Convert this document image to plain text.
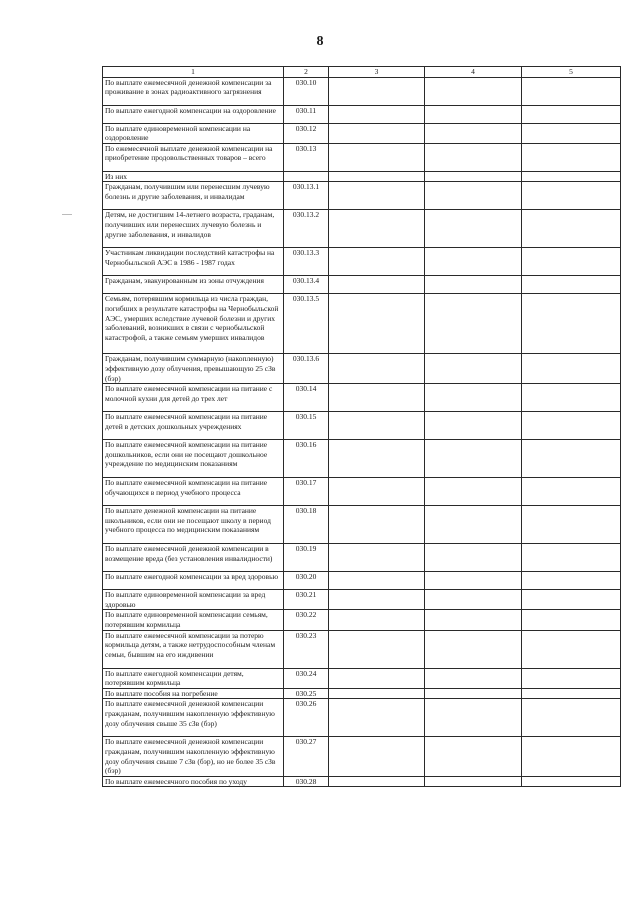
8
1	2	3	4	5
По выплате ежемесячной денежной компенсации за проживание в зонах радиоактивного загрязнения	030.10			
По выплате ежегодной компенсации на оздоровление	030.11			
По выплате единовременной компенсации на оздоровление	030.12			
По ежемесячной выплате денежной компенсации на приобретение продовольственных товаров – всего	030.13			
Из них				
Гражданам, получившим или перенесшим лучевую болезнь и другие заболевания, и инвалидам	030.13.1			
Детям, не достигшим 14-летнего возраста, граданам, получивших или перенесших лучевую болезнь и другие заболевания, и инвалидов	030.13.2			
Участникам ликвидации последствий катастрофы на Чернобыльской АЭС в 1986 - 1987 годах	030.13.3			
Гражданам, эвакуированным из зоны отчуждения	030.13.4			
Семьям, потерявшим кормильца из числа граждан, погибших в результате катастрофы на Чернобыльской АЭС, умерших вследствие лучевой болезни и других заболеваний, возникших в связи с чернобыльской катастрофой, а также семьям умерших инвалидов	030.13.5			
Гражданам, получившим суммарную (накопленную) эффективную дозу облучения, превышающую 25 сЗв (бэр)	030.13.6			
По выплате ежемесячной компенсации на питание с молочной кухни для детей до трех лет	030.14			
По выплате ежемесячной компенсации на питание детей в детских дошкольных учреждениях	030.15			
По выплате ежемесячной компенсации на питание дошкольников, если они не посещают дошкольное учреждение по медицинским показаниям	030.16			
По выплате ежемесячной компенсации на питание обучающихся в период учебного процесса	030.17			
По выплате денежной компенсации на питание школьников, если они не посещают школу в период учебного процесса по медицинским показаниям	030.18			
По выплате ежемесячной денежной компенсации в возмещение вреда (без установления инвалидности)	030.19			
По выплате ежегодной компенсации за вред здоровью	030.20			
По выплате единовременной компенсации за вред здоровью	030.21			
По выплате единовременной компенсации семьям, потерявшим кормильца	030.22			
По выплате ежемесячной компенсации за потерю кормильца детям, а также нетрудоспособным членам семьи, бывшим на его иждивении	030.23			
По выплате ежегодной компенсации детям, потерявшим кормильца	030.24			
По выплате пособия на погребение	030.25			
По выплате ежемесячной денежной компенсации гражданам, получившим накопленную эффективную дозу облучения свыше 35 сЗв (бэр)	030.26			
По выплате ежемесячной денежной компенсации гражданам, получившим накопленную эффективную дозу облучения свыше 7 сЗв (бэр), но не более 35 сЗв (бэр)	030.27			
По выплате ежемесячного пособия по уходу	030.28			
